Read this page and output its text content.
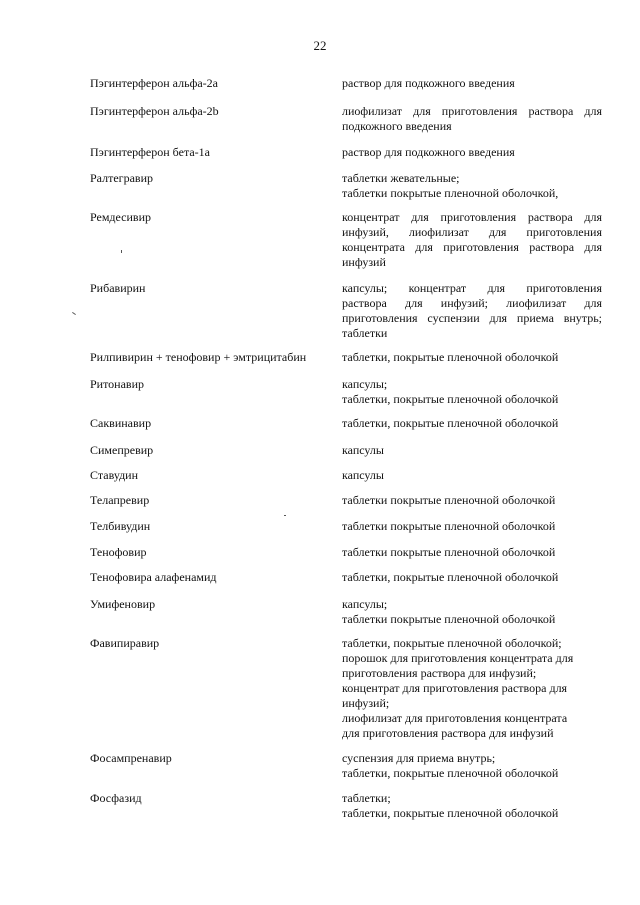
22
Пэгинтерферон альфа-2а	раствор для подкожного введения
Пэгинтерферон альфа-2b	лиофилизат для приготовления раствора для
подкожного введения
Пэгинтерферон бета-1а	раствор для подкожного введения
Ралтегравир	таблетки жевательные;
таблетки покрытые пленочной оболочкой,
Ремдесивир	концентрат для приготовления раствора для
инфузий, лиофилизат для приготовления
концентрата для приготовления раствора для
инфузий
Рибавирин	капсулы; концентрат для приготовления
раствора для инфузий; лиофилизат для
приготовления суспензии для приема внутрь;
таблетки
Рилпивирин + тенофовир + эмтрицитабин	таблетки, покрытые пленочной оболочкой
Ритонавир	капсулы;
таблетки, покрытые пленочной оболочкой
Саквинавир	таблетки, покрытые пленочной оболочкой
Симепревир	капсулы
Ставудин	капсулы
Телапревир	таблетки покрытые пленочной оболочкой
Телбивудин	таблетки покрытые пленочной оболочкой
Тенофовир	таблетки покрытые пленочной оболочкой
Тенофовира алафенамид	таблетки, покрытые пленочной оболочкой
Умифеновир	капсулы;
таблетки покрытые пленочной оболочкой
Фавипиравир	таблетки, покрытые пленочной оболочкой;
порошок для приготовления концентрата для
приготовления раствора для инфузий;
концентрат для приготовления раствора для
инфузий;
лиофилизат для приготовления концентрата
для приготовления раствора для инфузий
Фосампренавир	суспензия для приема внутрь;
таблетки, покрытые пленочной оболочкой
Фосфазид	таблетки;
таблетки, покрытые пленочной оболочкой
